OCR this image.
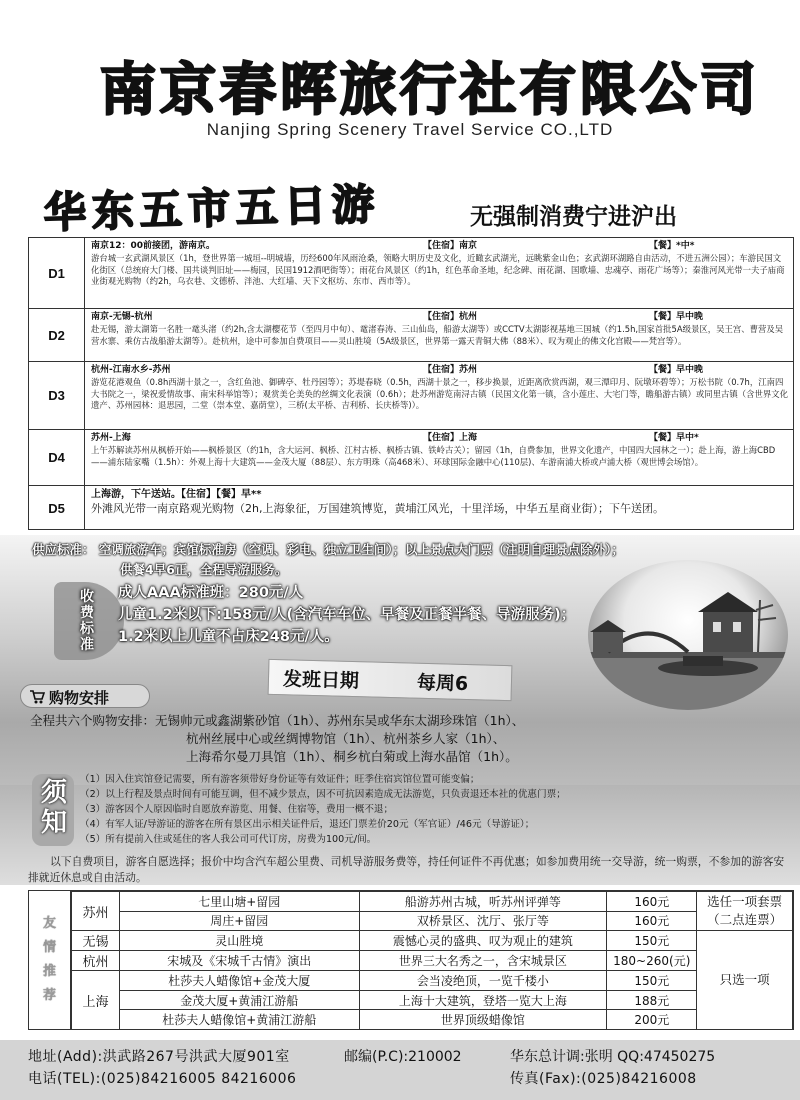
南京春晖旅行社有限公司
Nanjing Spring Scenery Travel Service CO.,LTD
华东五市五日游	无强制消费宁进沪出
D1
南京12：00前接团，游南京。	【住宿】南京	【餐】*中*
游台城一玄武湖风景区（1h，登世界第一城垣--明城墙，历经600年风雨沧桑，领略大明历史及文化，近瞰玄武湖光，远眺紫金山色；玄武湖环湖路自由活动，不进五洲公园）；车游民国文化街区（总统府大门楼、国共谈判旧址——梅园，民国1912酒吧街等）；雨花台风景区（约1h，红色革命圣地，纪念碑、雨花湖、国歌墙、忠魂亭、雨花广场等）；秦淮河风光带一夫子庙商业街观光购物（约2h，乌衣巷、文德桥、泮池、大红墙、天下文枢坊、东市、西市等）。
D2
南京-无锡-杭州	【住宿】杭州	【餐】早中晚
赴无锡，游太湖第一名胜一鼋头渚（约2h,含太湖樱花节（至四月中旬）、鼋渚春涛、三山仙岛，船游太湖等）或CCTV太湖影视基地三国城（约1.5h,国家首批5A级景区，吴王宫、曹营及吴营水寨、乘仿古战船游太湖等）。赴杭州，途中可参加自费项目——灵山胜境（5A级景区，世界第一露天青铜大佛（88米）、叹为观止的佛文化宫殿——梵宫等）。
D3
杭州-江南水乡-苏州	【住宿】苏州	【餐】早中晚
游览花港观鱼（0.8h西湖十景之一，含红鱼池、御碑亭、牡丹园等）；苏堤春晓（0.5h，西湖十景之一，移步换景，近距离欣赏西湖，观三潭印月、阮墩环碧等）；万松书院（0.7h，江南四大书院之一，梁祝爱情故事、南宋科举馆等）；观赏美仑美奂的丝绸文化表演（0.6h）；赴苏州游览南浔古镇（民国文化第一镇，含小莲庄、大宅门等，瞻船游古镇）或同里古镇（含世界文化遗产、苏州园林：退思园，二堂（崇本堂、嘉荫堂），三桥(太平桥、吉利桥、长庆桥等)）。
D4
苏州-上海	【住宿】上海	【餐】早中*
上午苏解读苏州从枫桥开始——枫桥景区（约1h，含大运河、枫桥、江村古桥、枫桥古镇、铁岭古关）；留园（1h，自费参加，世界文化遗产，中国四大园林之一）；赴上海，游上海CBD——浦东陆家嘴（1.5h）：外观上海十大建筑——金茂大厦（88层）、东方明珠（高468米）、环球国际金融中心(110层)、车游南浦大桥或卢浦大桥（观世博会场馆）。
D5
上海游，下午送站。【住宿】【餐】早**
外滩风光带一南京路观光购物（2h,上海象征，万国建筑博览，黄埔江风光，十里洋场，中华五星商业街）；下午送团。
供应标准： 空调旅游车；宾馆标准房（空调、彩电、独立卫生间）；以上景点大门票（注明自理景点除外）；
供餐4早6正，全程导游服务。
收
费
标
准
成人AAA标准班：280元/人
儿童1.2米以下:158元/人(含汽车车位、早餐及正餐半餐、导游服务)；
1.2米以上儿童不占床248元/人。
发班日期	每周6
购物安排
全程共六个购物安排：无锡帅元或鑫湖紫砂馆（1h）、苏州东吴或华东太湖珍珠馆（1h）、
杭州丝展中心或丝绸博物馆（1h）、杭州茶乡人家（1h）、
上海希尔曼刀具馆（1h）、桐乡杭白菊或上海水晶馆（1h）。
须
知
（1）因入住宾馆登记需要，所有游客须带好身份证等有效证件；旺季住宿宾馆位置可能变偏；
（2）以上行程及景点时间有可能互调，但不减少景点，因不可抗因素造成无法游览，只负责退还本社的优惠门票；
（3）游客因个人原因临时自愿放弃游览、用餐、住宿等，费用一概不退；
（4）有军人证/导游证的游客在所有景区出示相关证件后，退还门票差价20元（军官证）/46元（导游证）；
（5）所有提前入住或延住的客人我公司可代订房，房费为100元/间。
以下自费项目，游客自愿选择；报价中均含汽车超公里费、司机导游服务费等，持任何证件不再优惠；如参加费用统一交导游，统一购票，不参加的游客安排就近休息或自由活动。
友
情
推
荐
苏州	七里山塘+留园	船游苏州古城，听苏州评弹等	160元	选任一项套票（二点连票）
	周庄+留园	双桥景区、沈厅、张厅等	160元	
无锡	灵山胜境	震憾心灵的盛典、叹为观止的建筑	150元	只选一项
杭州	宋城及《宋城千古情》演出	世界三大名秀之一，含宋城景区	180~260(元)	
上海	杜莎夫人蜡像馆+金茂大厦	会当凌绝顶，一览千楼小	150元	
	金茂大厦+黄浦江游船	上海十大建筑，登塔一览大上海	188元	
	杜莎夫人蜡像馆+黄浦江游船	世界顶级蜡像馆	200元	
地址(Add):洪武路267号洪武大厦901室	邮编(P.C):210002	华东总计调:张明 QQ:47450275
电话(TEL):(025)84216005 84216006	传真(Fax):(025)84216008
